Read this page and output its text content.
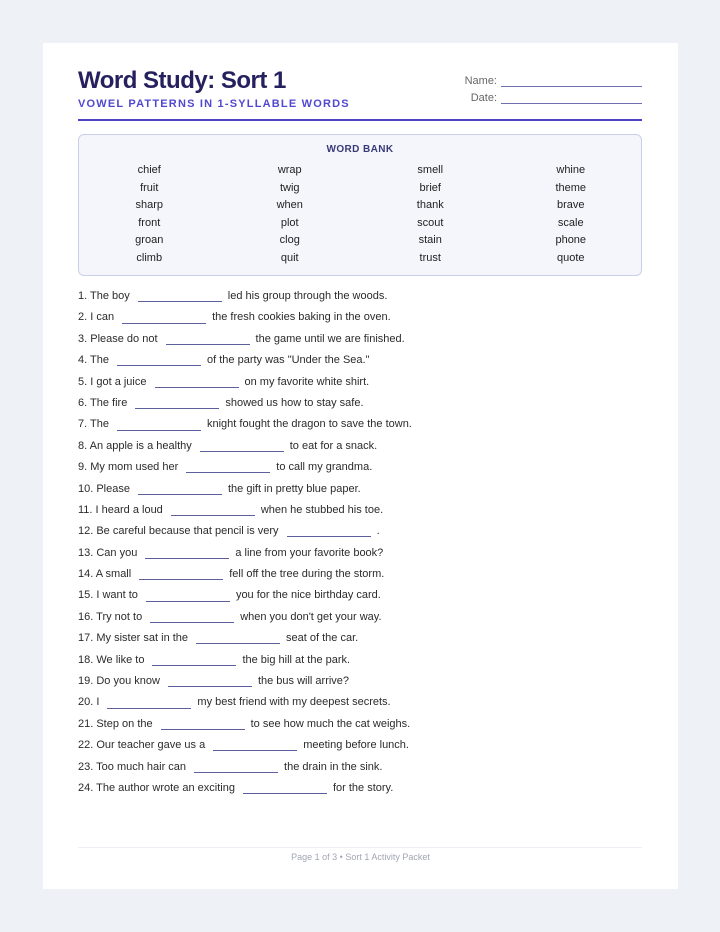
Word Study: Sort 1
VOWEL PATTERNS IN 1-SYLLABLE WORDS
Name:
Date:
WORD BANK
chief	wrap	smell	whine
fruit	twig	brief	theme
sharp	when	thank	brave
front	plot	scout	scale
groan	clog	stain	phone
climb	quit	trust	quote
1. The boy	led his group through the woods.
2. I can	the fresh cookies baking in the oven.
3. Please do not	the game until we are finished.
4. The	of the party was "Under the Sea."
5. I got a juice	on my favorite white shirt.
6. The fire	showed us how to stay safe.
7. The	knight fought the dragon to save the town.
8. An apple is a healthy	to eat for a snack.
9. My mom used her	to call my grandma.
10. Please	the gift in pretty blue paper.
11. I heard a loud	when he stubbed his toe.
12. Be careful because that pencil is very	.
13. Can you	a line from your favorite book?
14. A small	fell off the tree during the storm.
15. I want to	you for the nice birthday card.
16. Try not to	when you don't get your way.
17. My sister sat in the	seat of the car.
18. We like to	the big hill at the park.
19. Do you know	the bus will arrive?
20. I	my best friend with my deepest secrets.
21. Step on the	to see how much the cat weighs.
22. Our teacher gave us a	meeting before lunch.
23. Too much hair can	the drain in the sink.
24. The author wrote an exciting	for the story.
Page 1 of 3 • Sort 1 Activity Packet
